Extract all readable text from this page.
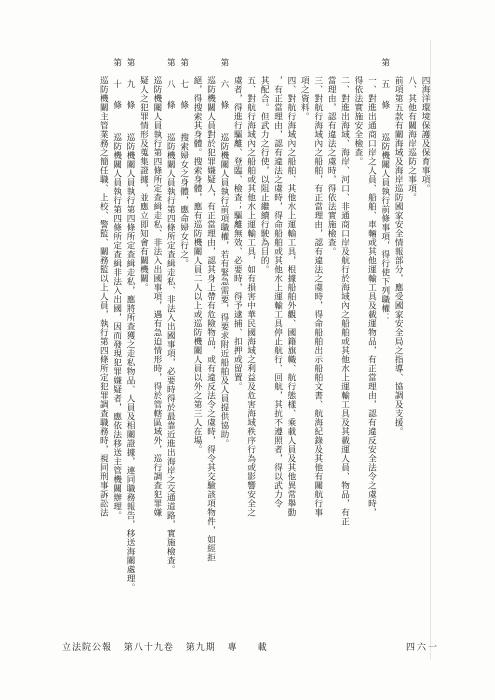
四海洋環境保護及保育事項。
八、其他有關海岸巡防之事項。
前項第五款有關海域及海岸巡防國家安全情報部分，應受國家安全局之指導、協調及支援。
第　五　條巡防機關人員執行前條事項，得行使下列職權：
一、對進出通商口岸之人員、船舶、車輛或其他運輸工具及載運物品，有正當理由，認有違反安全法令之虞時，
得依法實施安全檢查。
二、對進出海域、海岸、河口、非通商口岸及航行於海域內之船舶或其他水上運輸工具及其載運人員、物品，有正
當理由，認有違法之虞時，得依法實施檢查。
三、對航行海域內之船舶，有正當理由，認有違法之虞時，得命船舶出示船舶文書、航海紀錄及其他有關航行事
項之資料。
四、對航行海域內之船舶、其他水上運輸工具，根據船舶外觀、國籍旗幟、航行態樣、乘載人員及其他異常舉動
，有正當理由，認有違法之虞時，得命船舶或其他水上運輸工具停止航行、回航，其抗不遵照者，得以武力令
其配合。但武力之行使，以阻止繼續行駛為目的。
五、對航行海域內之船舶或其他水上運輸工具，如有損害中華民國海域之利益及危害海域秩序行為或影響安全之
虞者，得進行驅離、登臨、檢查；驅離無效、必要時，得予逮捕、扣押或留置。
第　六　條巡防機關人員執行前項職權，若有緊急需要，得要求附近船舶及人員提供協助。
巡防機關人員對於犯罪嫌疑人，有正當理由，認其身上帶有危險物品，或有違反法令之虞時，得令其交驗該項物件，如經拒
絕，得搜索其身體。搜索身體，應有巡防機關人員二人以上或巡防機關人員以外之第三人在場。
第　七　條搜索婦女之身體，應命婦女行之。
第　八　條巡防機關人員執行第四條所定查緝走私、非法入出國事項，必要時得於最靠近進出海岸之交通道路，實施檢查。
巡防機關人員執行第四條所定查緝走私、非法入出國事項，遇有急迫情形時，得於管轄區域外，巡行調查犯罪嫌
疑人之犯罪情形及蒐集證據，並應立即知會有關機關。
第　九　條巡防機關人員執行第四條所定查緝走私，應將所查獲之走私物品、人員及相關證據，連同職務報告，移送海關處理。
第　十　條巡防機關人員執行第四條所定查緝非法入出國，因而發現犯罪嫌疑者，應依法移送主管機關辦理。
巡防機關主管業務之簡任職、上校、警監、關務監以上人員，執行第四條所定犯罪調查職務時，視同刑事訴訟法
立法院公報 第八十九卷 第九期 專　　載	四六一
